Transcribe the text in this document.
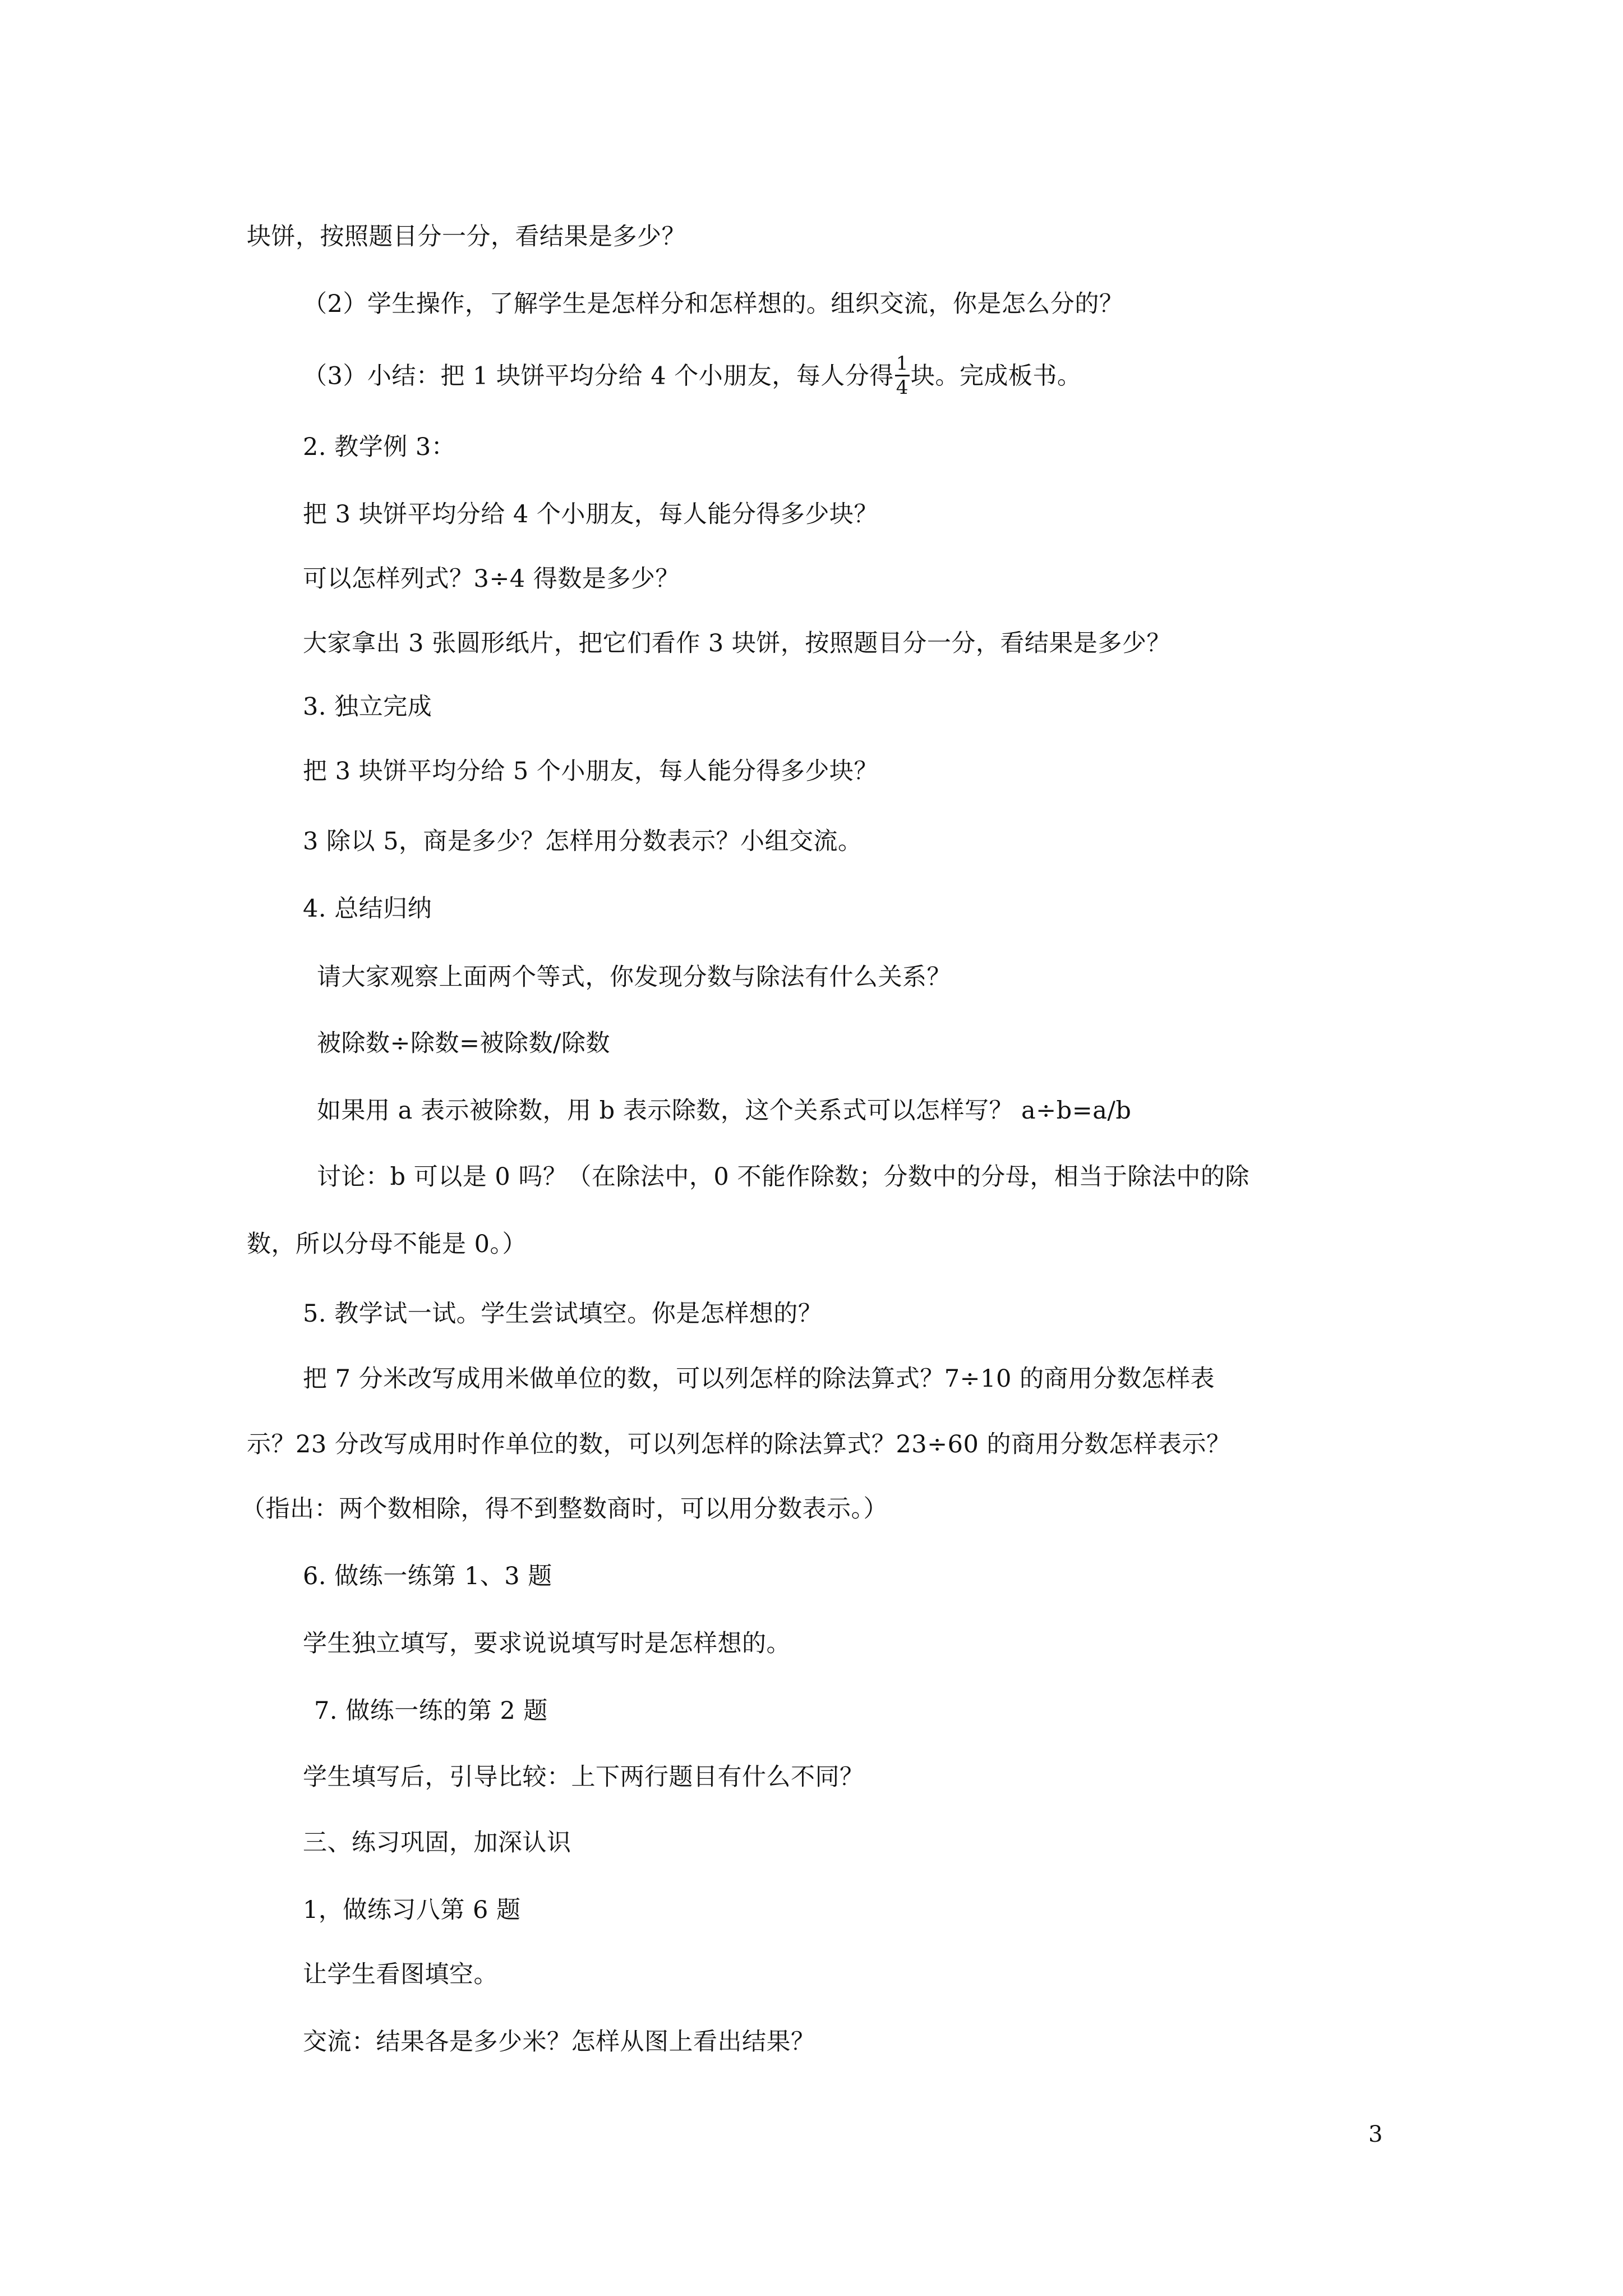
块饼，按照题目分一分，看结果是多少？
（2）学生操作，了解学生是怎样分和怎样想的。组织交流，你是怎么分的？
（3）小结：把 1 块饼平均分给 4 个小朋友，每人分得 $\frac{1}{4}$ 块。完成板书。
2. 教学例 3：
把 3 块饼平均分给 4 个小朋友，每人能分得多少块？
可以怎样列式？3÷4 得数是多少？
大家拿出 3 张圆形纸片，把它们看作 3 块饼，按照题目分一分，看结果是多少？
3. 独立完成
把 3 块饼平均分给 5 个小朋友，每人能分得多少块？
3 除以 5，商是多少？怎样用分数表示？小组交流。
4. 总结归纳
请大家观察上面两个等式，你发现分数与除法有什么关系？
被除数÷除数=被除数/除数
如果用 a 表示被除数，用 b 表示除数，这个关系式可以怎样写？ a÷b=a/b
讨论：b 可以是 0 吗？（在除法中，0 不能作除数；分数中的分母，相当于除法中的除
数，所以分母不能是 0。）
5. 教学试一试。学生尝试填空。你是怎样想的？
把 7 分米改写成用米做单位的数，可以列怎样的除法算式？7÷10 的商用分数怎样表
示？23 分改写成用时作单位的数，可以列怎样的除法算式？23÷60 的商用分数怎样表示？
（指出：两个数相除，得不到整数商时，可以用分数表示。）
6. 做练一练第 1、3 题
学生独立填写，要求说说填写时是怎样想的。
7. 做练一练的第 2 题
学生填写后，引导比较：上下两行题目有什么不同？
三、练习巩固，加深认识
1，做练习八第 6 题
让学生看图填空。
交流：结果各是多少米？怎样从图上看出结果？
3
